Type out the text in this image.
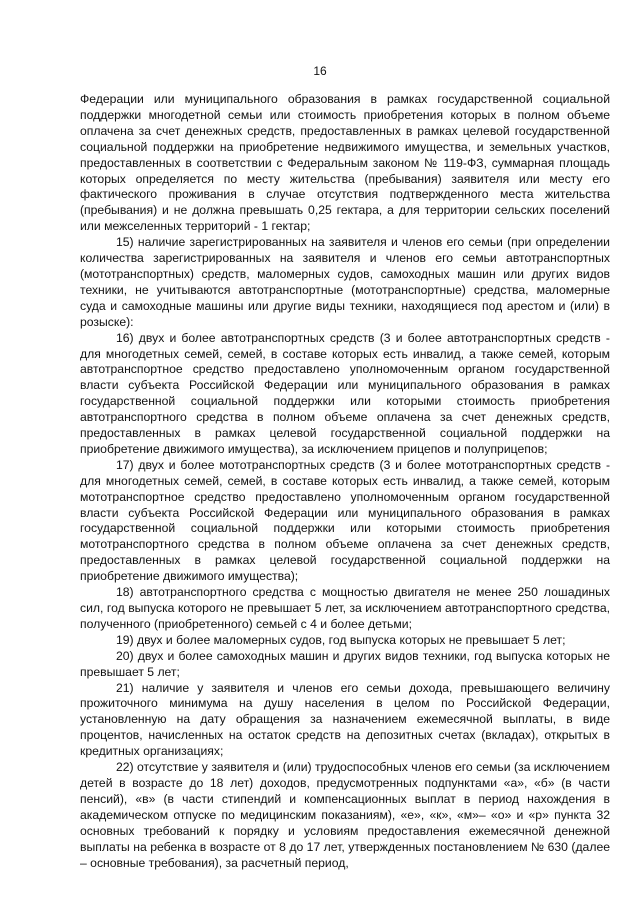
16

Федерации или муниципального образования в рамках государственной социальной поддержки многодетной семьи или стоимость приобретения которых в полном объеме оплачена за счет денежных средств, предоставленных в рамках целевой государственной социальной поддержки на приобретение недвижимого имущества, и земельных участков, предоставленных в соответствии с Федеральным законом № 119-ФЗ, суммарная площадь которых определяется по месту жительства (пребывания) заявителя или месту его фактического проживания в случае отсутствия подтвержденного места жительства (пребывания) и не должна превышать 0,25 гектара, а для территории сельских поселений или межселенных территорий - 1 гектар;

15) наличие зарегистрированных на заявителя и членов его семьи (при определении количества зарегистрированных на заявителя и членов его семьи автотранспортных (мототранспортных) средств, маломерных судов, самоходных машин или других видов техники, не учитываются автотранспортные (мототранспортные) средства, маломерные суда и самоходные машины или другие виды техники, находящиеся под арестом и (или) в розыске):

16) двух и более автотранспортных средств (3 и более автотранспортных средств - для многодетных семей, семей, в составе которых есть инвалид, а также семей, которым автотранспортное средство предоставлено уполномоченным органом государственной власти субъекта Российской Федерации или муниципального образования в рамках государственной социальной поддержки или которыми стоимость приобретения автотранспортного средства в полном объеме оплачена за счет денежных средств, предоставленных в рамках целевой государственной социальной поддержки на приобретение движимого имущества), за исключением прицепов и полуприцепов;

17) двух и более мототранспортных средств (3 и более мототранспортных средств - для многодетных семей, семей, в составе которых есть инвалид, а также семей, которым мототранспортное средство предоставлено уполномоченным органом государственной власти субъекта Российской Федерации или муниципального образования в рамках государственной социальной поддержки или которыми стоимость приобретения мототранспортного средства в полном объеме оплачена за счет денежных средств, предоставленных в рамках целевой государственной социальной поддержки на приобретение движимого имущества);

18) автотранспортного средства с мощностью двигателя не менее 250 лошадиных сил, год выпуска которого не превышает 5 лет, за исключением автотранспортного средства, полученного (приобретенного) семьей с 4 и более детьми;

19) двух и более маломерных судов, год выпуска которых не превышает 5 лет;

20) двух и более самоходных машин и других видов техники, год выпуска которых не превышает 5 лет;

21) наличие у заявителя и членов его семьи дохода, превышающего величину прожиточного минимума на душу населения в целом по Российской Федерации, установленную на дату обращения за назначением ежемесячной выплаты, в виде процентов, начисленных на остаток средств на депозитных счетах (вкладах), открытых в кредитных организациях;

22) отсутствие у заявителя и (или) трудоспособных членов его семьи (за исключением детей в возрасте до 18 лет) доходов, предусмотренных подпунктами «а», «б» (в части пенсий), «в» (в части стипендий и компенсационных выплат в период нахождения в академическом отпуске по медицинским показаниям), «е», «к», «м»– «о» и «р» пункта 32 основных требований к порядку и условиям предоставления ежемесячной денежной выплаты на ребенка в возрасте от 8 до 17 лет, утвержденных постановлением № 630 (далее – основные требования), за расчетный период,
